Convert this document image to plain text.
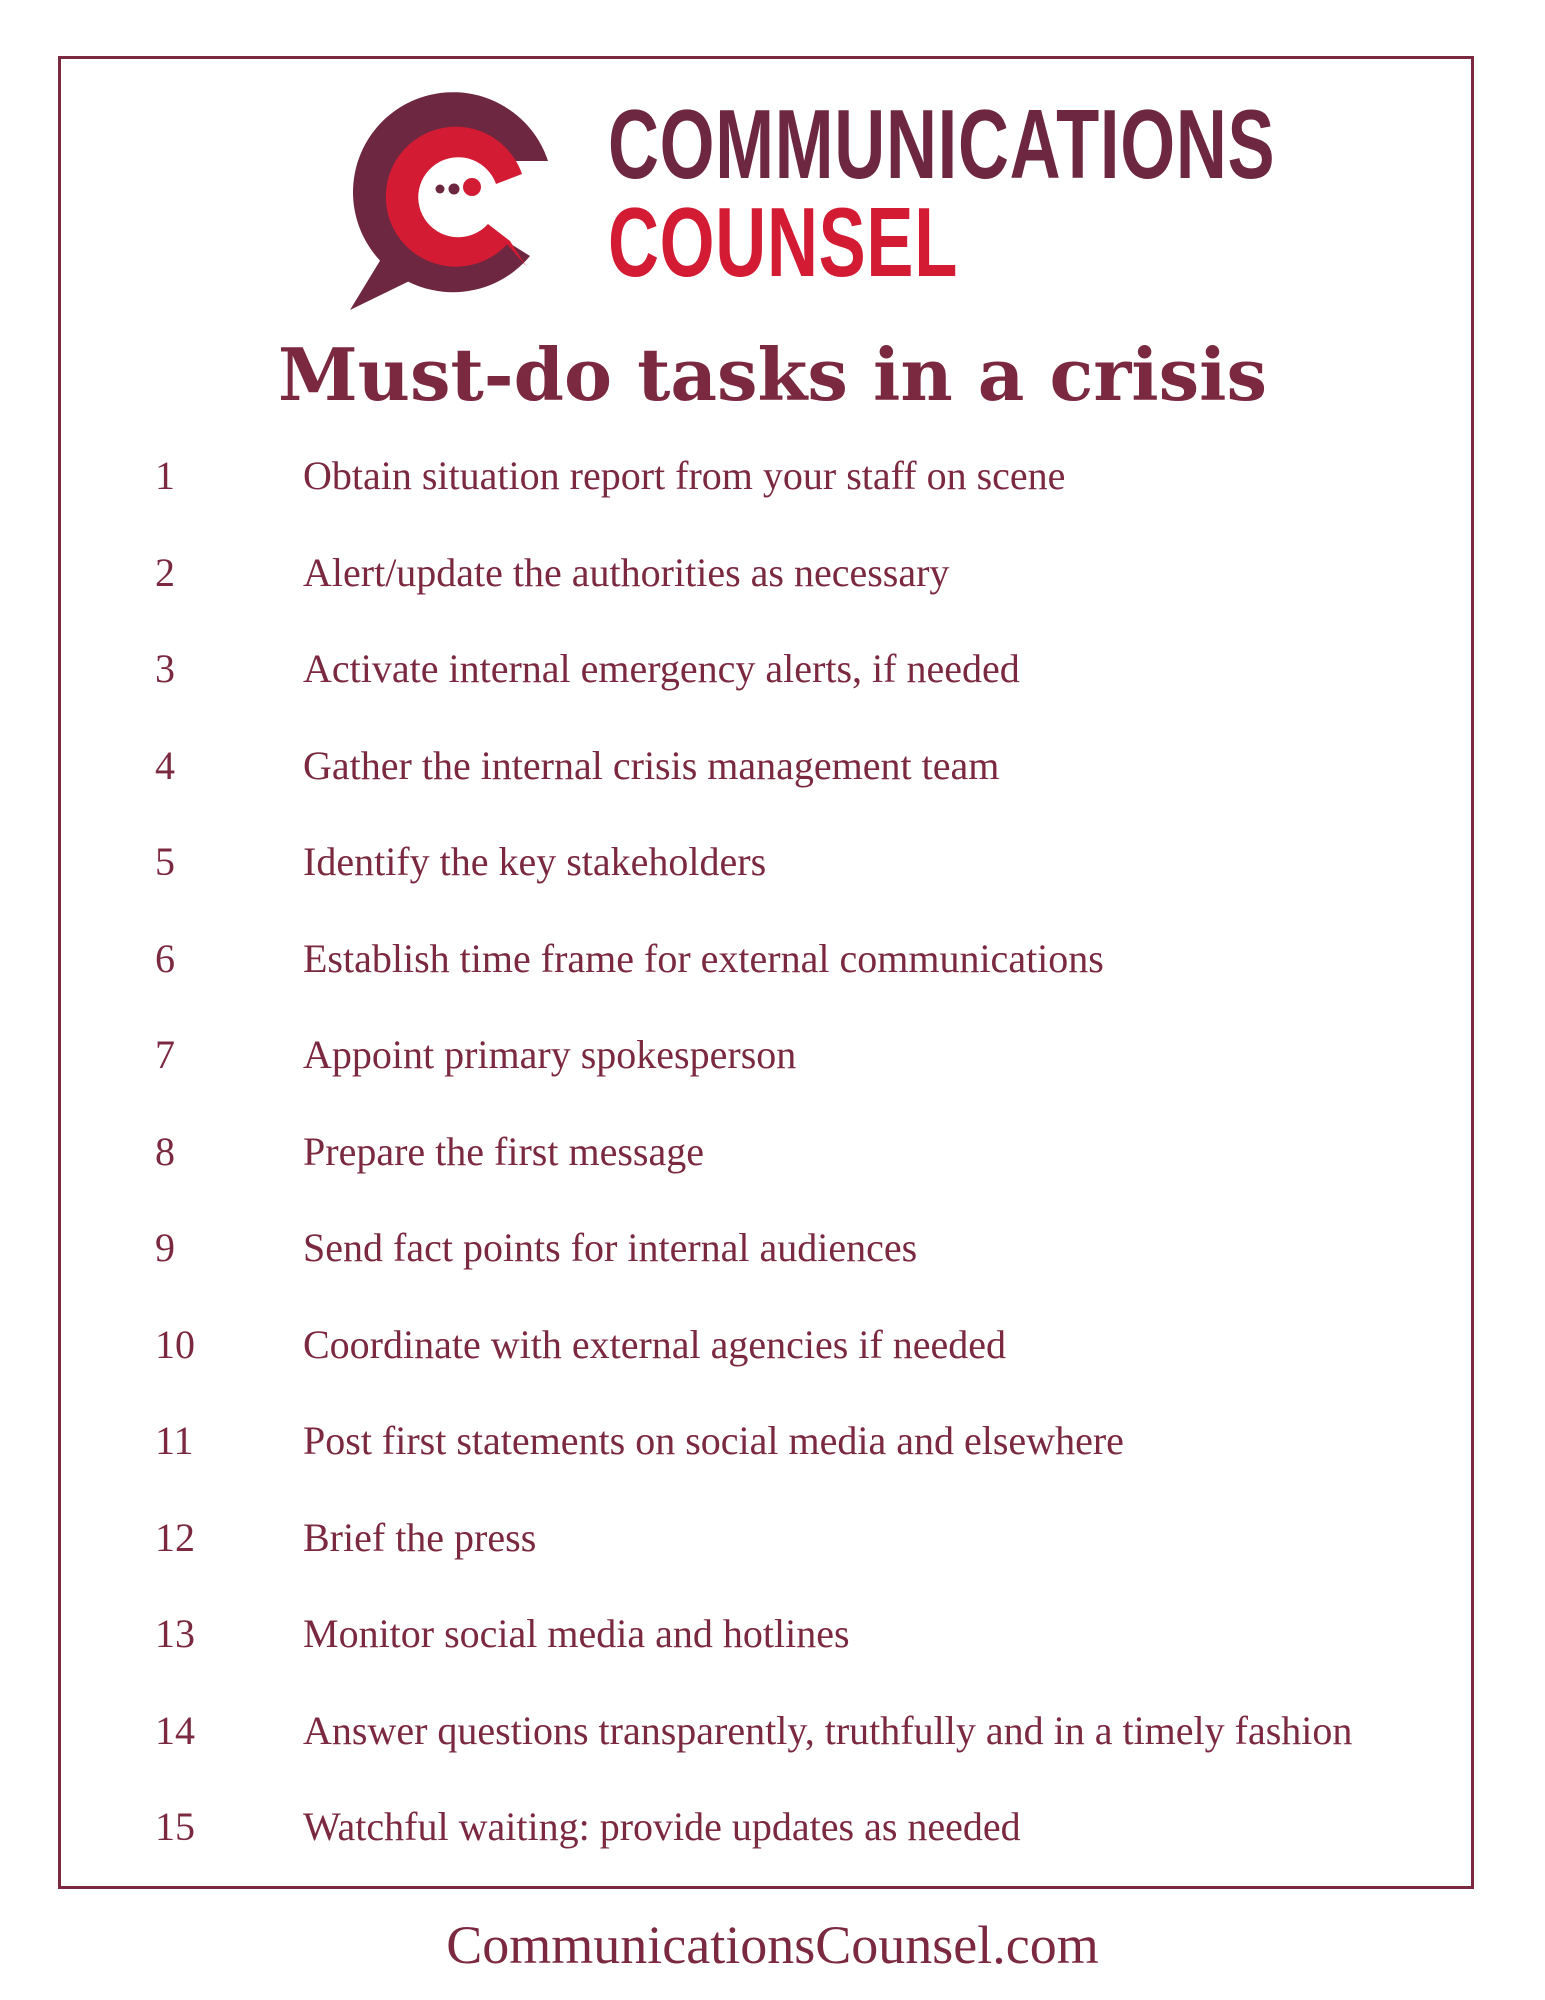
COMMUNICATIONS
COUNSEL
Must-do tasks in a crisis
1	Obtain situation report from your staff on scene
2	Alert/update the authorities as necessary
3	Activate internal emergency alerts, if needed
4	Gather the internal crisis management team
5	Identify the key stakeholders
6	Establish time frame for external communications
7	Appoint primary spokesperson
8	Prepare the first message
9	Send fact points for internal audiences
10	Coordinate with external agencies if needed
11	Post first statements on social media and elsewhere
12	Brief the press
13	Monitor social media and hotlines
14	Answer questions transparently, truthfully and in a timely fashion
15	Watchful waiting: provide updates as needed
CommunicationsCounsel.com
